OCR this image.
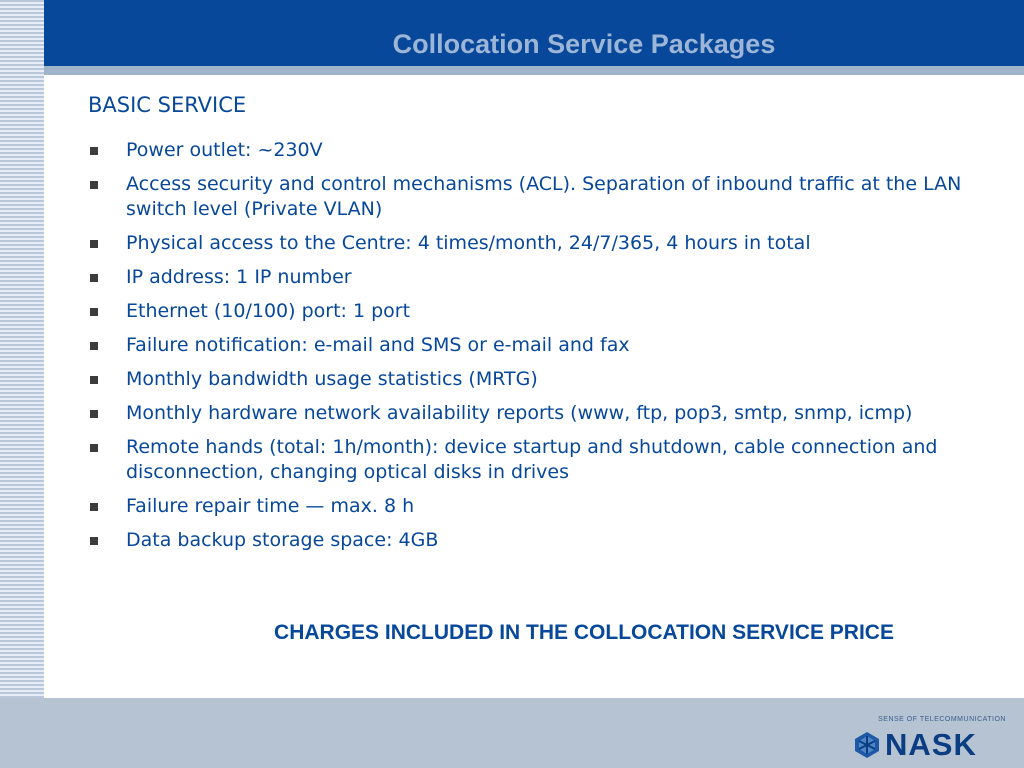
Collocation Service Packages
BASIC SERVICE
Power outlet: ~230V
Access security and control mechanisms (ACL). Separation of inbound traffic at the LAN switch level (Private VLAN)
Physical access to the Centre: 4 times/month, 24/7/365, 4 hours in total
IP address: 1 IP number
Ethernet (10/100) port: 1 port
Failure notification: e-mail and SMS or e-mail and fax
Monthly bandwidth usage statistics (MRTG)
Monthly hardware network availability reports (www, ftp, pop3, smtp, snmp, icmp)
Remote hands (total: 1h/month): device startup and shutdown, cable connection and disconnection, changing optical disks in drives
Failure repair time — max. 8 h
Data backup storage space: 4GB
CHARGES INCLUDED IN THE COLLOCATION SERVICE PRICE
SENSE OF TELECOMMUNICATION
NASK
